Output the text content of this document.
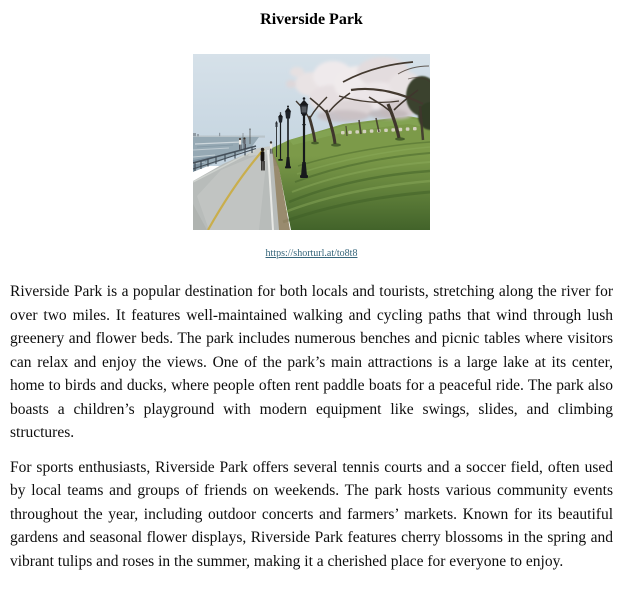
Riverside Park
https://shorturl.at/to8t8

Riverside Park is a popular destination for both locals and tourists, stretching along the river for over two miles. It features well-maintained walking and cycling paths that wind through lush greenery and flower beds. The park includes numerous benches and picnic tables where visitors can relax and enjoy the views. One of the park’s main attractions is a large lake at its center, home to birds and ducks, where people often rent paddle boats for a peaceful ride. The park also boasts a children’s playground with modern equipment like swings, slides, and climbing structures.

For sports enthusiasts, Riverside Park offers several tennis courts and a soccer field, often used by local teams and groups of friends on weekends. The park hosts various community events throughout the year, including outdoor concerts and farmers’ markets. Known for its beautiful gardens and seasonal flower displays, Riverside Park features cherry blossoms in the spring and vibrant tulips and roses in the summer, making it a cherished place for everyone to enjoy.
